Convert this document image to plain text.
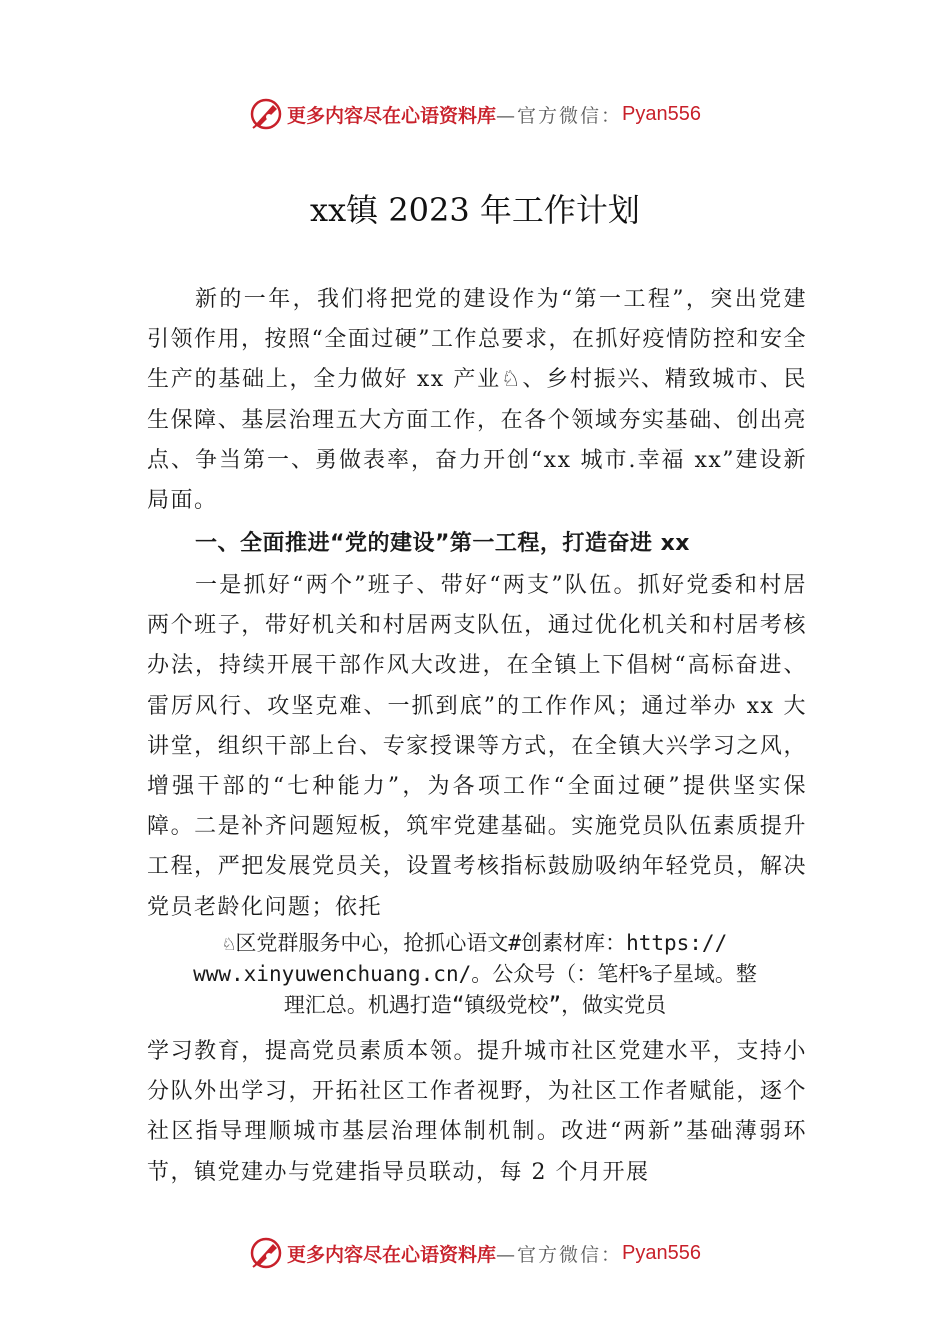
更多内容尽在心语资料库 —官方微信： Pyan556
xx镇 2023 年工作计划

新的一年，我们将把党的建设作为“第一工程”，突出党建引领作用，按照“全面过硬”工作总要求，在抓好疫情防控和安全生产的基础上，全力做好 xx 产业♘、乡村振兴、精致城市、民生保障、基层治理五大方面工作，在各个领域夯实基础、创出亮点、争当第一、勇做表率，奋力开创“xx 城市.幸福 xx”建设新局面。

一、全面推进“党的建设”第一工程，打造奋进 xx

一是抓好“两个”班子、带好“两支”队伍。抓好党委和村居两个班子，带好机关和村居两支队伍，通过优化机关和村居考核办法，持续开展干部作风大改进，在全镇上下倡树“高标奋进、雷厉风行、攻坚克难、一抓到底”的工作作风；通过举办 xx 大讲堂，组织干部上台、专家授课等方式，在全镇大兴学习之风，增强干部的“七种能力”，为各项工作“全面过硬”提供坚实保障。二是补齐问题短板，筑牢党建基础。实施党员队伍素质提升工程，严把发展党员关，设置考核指标鼓励吸纳年轻党员，解决党员老龄化问题；依托

♘区党群服务中心，抢抓心语文#创素材库：https://
www.xinyuwenchuang.cn/。公众号（：笔杆%子星域。整
理汇总。机遇打造“镇级党校”，做实党员

学习教育，提高党员素质本领。提升城市社区党建水平，支持小分队外出学习，开拓社区工作者视野，为社区工作者赋能，逐个社区指导理顺城市基层治理体制机制。改进“两新”基础薄弱环节，镇党建办与党建指导员联动，每 2 个月开展

更多内容尽在心语资料库 —官方微信： Pyan556
